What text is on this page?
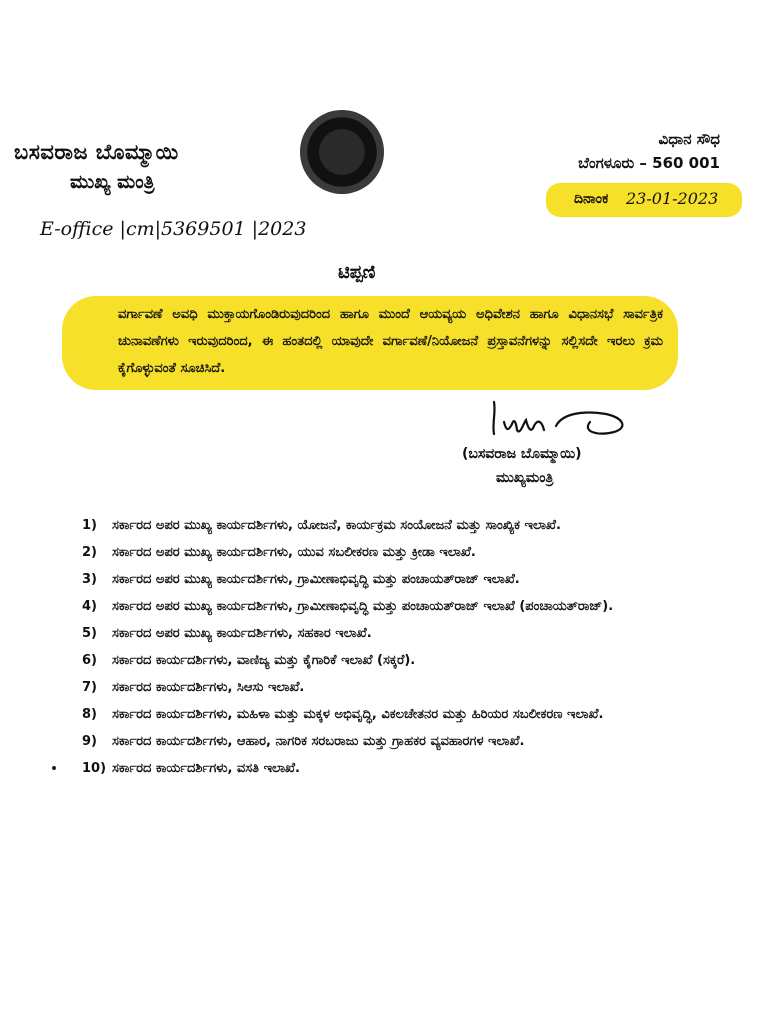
ಬಸವರಾಜ ಬೊಮ್ಮಾಯಿ
ಮುಖ್ಯ ಮಂತ್ರಿ
ವಿಧಾನ ಸೌಧ
ಬೆಂಗಳೂರು – 560 001
ದಿನಾಂಕ 23-01-2023
E-office |cm|5369501 |2023
ಟಿಪ್ಪಣಿ
ವರ್ಗಾವಣೆ ಅವಧಿ ಮುಕ್ತಾಯಗೊಂಡಿರುವುದರಿಂದ ಹಾಗೂ ಮುಂದೆ ಆಯವ್ಯಯ ಅಧಿವೇಶನ ಹಾಗೂ ವಿಧಾನಸಭೆ ಸಾರ್ವತ್ರಿಕ ಚುನಾವಣೆಗಳು ಇರುವುದರಿಂದ, ಈ ಹಂತದಲ್ಲಿ ಯಾವುದೇ ವರ್ಗಾವಣೆ/ನಿಯೋಜನೆ ಪ್ರಸ್ತಾವನೆಗಳನ್ನು ಸಲ್ಲಿಸದೇ ಇರಲು ಕ್ರಮ ಕೈಗೊಳ್ಳುವಂತೆ ಸೂಚಿಸಿದೆ.
(ಬಸವರಾಜ ಬೊಮ್ಮಾಯಿ)
ಮುಖ್ಯಮಂತ್ರಿ
1) ಸರ್ಕಾರದ ಅಪರ ಮುಖ್ಯ ಕಾರ್ಯದರ್ಶಿಗಳು, ಯೋಜನೆ, ಕಾರ್ಯಕ್ರಮ ಸಂಯೋಜನೆ ಮತ್ತು ಸಾಂಖ್ಯಿಕ ಇಲಾಖೆ.
2) ಸರ್ಕಾರದ ಅಪರ ಮುಖ್ಯ ಕಾರ್ಯದರ್ಶಿಗಳು, ಯುವ ಸಬಲೀಕರಣ ಮತ್ತು ಕ್ರೀಡಾ ಇಲಾಖೆ.
3) ಸರ್ಕಾರದ ಅಪರ ಮುಖ್ಯ ಕಾರ್ಯದರ್ಶಿಗಳು, ಗ್ರಾಮೀಣಾಭಿವೃದ್ಧಿ ಮತ್ತು ಪಂಚಾಯತ್‌ರಾಜ್ ಇಲಾಖೆ.
4) ಸರ್ಕಾರದ ಅಪರ ಮುಖ್ಯ ಕಾರ್ಯದರ್ಶಿಗಳು, ಗ್ರಾಮೀಣಾಭಿವೃದ್ಧಿ ಮತ್ತು ಪಂಚಾಯತ್‌ರಾಜ್ ಇಲಾಖೆ (ಪಂಚಾಯತ್‌ರಾಜ್).
5) ಸರ್ಕಾರದ ಅಪರ ಮುಖ್ಯ ಕಾರ್ಯದರ್ಶಿಗಳು, ಸಹಕಾರ ಇಲಾಖೆ.
6) ಸರ್ಕಾರದ ಕಾರ್ಯದರ್ಶಿಗಳು, ವಾಣಿಜ್ಯ ಮತ್ತು ಕೈಗಾರಿಕೆ ಇಲಾಖೆ (ಸಕ್ಕರೆ).
7) ಸರ್ಕಾರದ ಕಾರ್ಯದರ್ಶಿಗಳು, ಸಿಆಸು ಇಲಾಖೆ.
8) ಸರ್ಕಾರದ ಕಾರ್ಯದರ್ಶಿಗಳು, ಮಹಿಳಾ ಮತ್ತು ಮಕ್ಕಳ ಅಭಿವೃದ್ಧಿ, ವಿಕಲಚೇತನರ ಮತ್ತು ಹಿರಿಯರ ಸಬಲೀಕರಣ ಇಲಾಖೆ.
9) ಸರ್ಕಾರದ ಕಾರ್ಯದರ್ಶಿಗಳು, ಆಹಾರ, ನಾಗರಿಕ ಸರಬರಾಜು ಮತ್ತು ಗ್ರಾಹಕರ ವ್ಯವಹಾರಗಳ ಇಲಾಖೆ.
10) ಸರ್ಕಾರದ ಕಾರ್ಯದರ್ಶಿಗಳು, ವಸತಿ ಇಲಾಖೆ.
